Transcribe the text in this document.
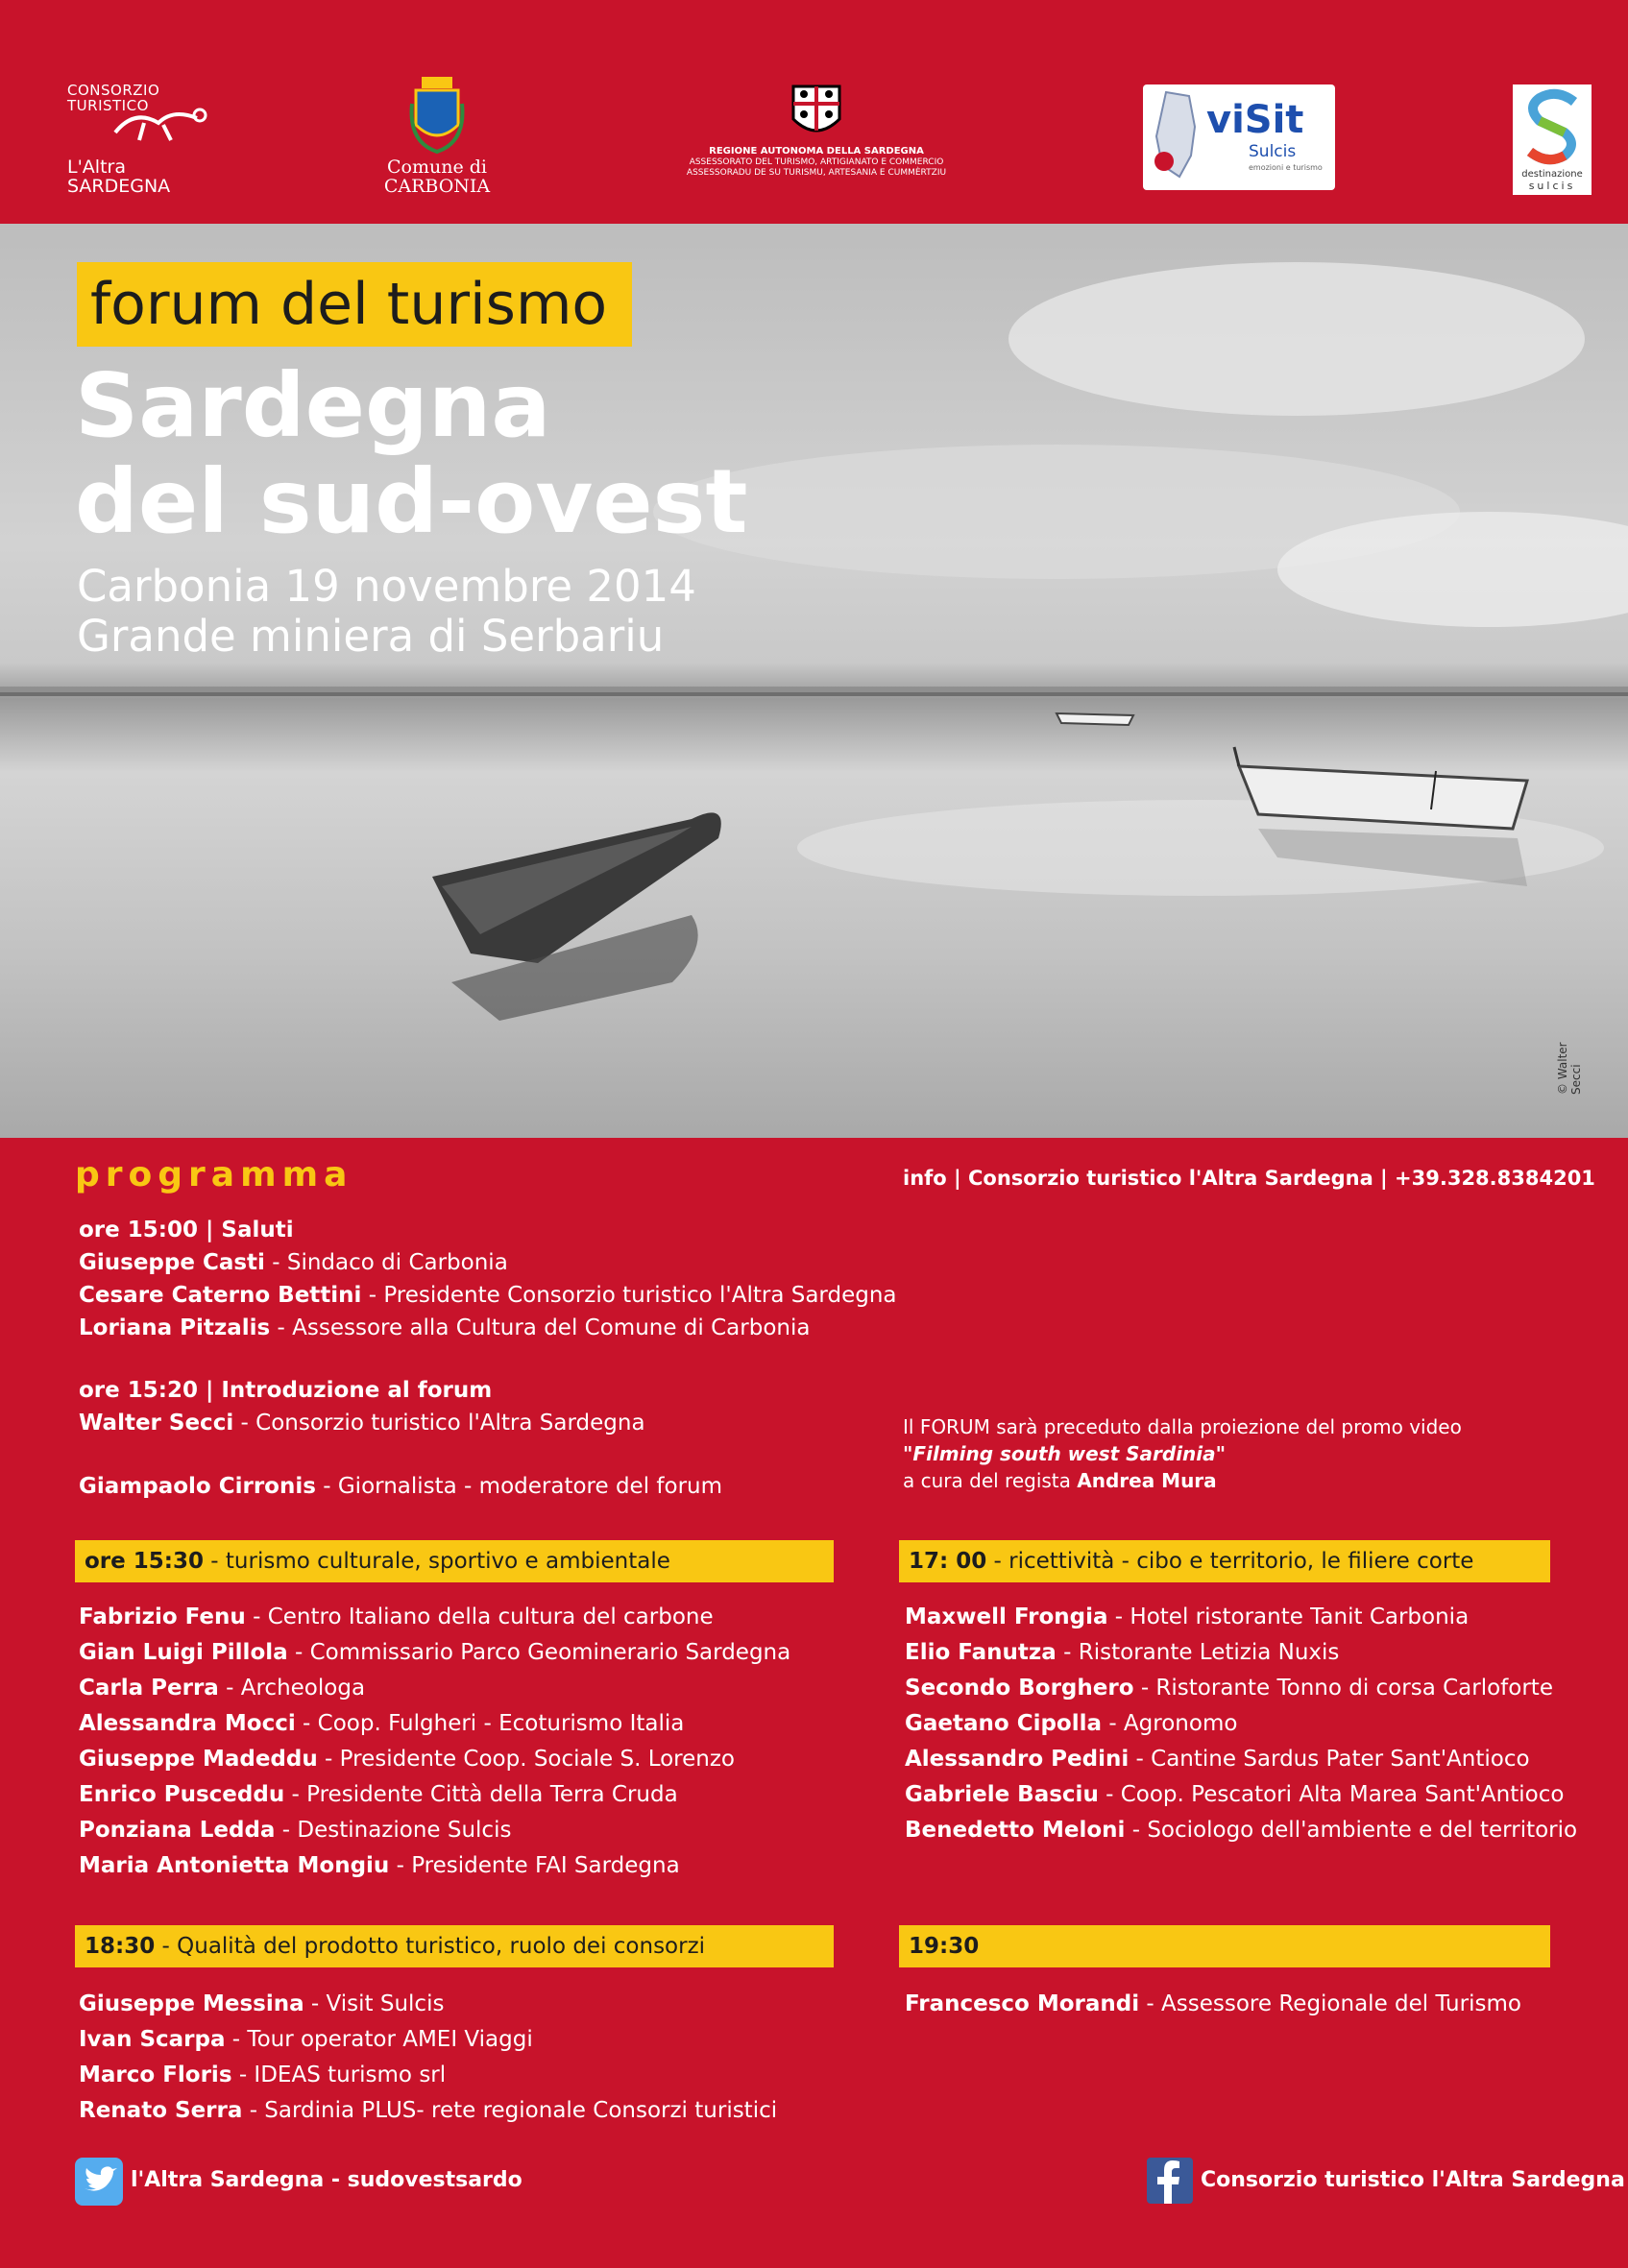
CONSORZIO
TURISTICO
L'Altra
SARDEGNA
Comune di
CARBONIA
REGIONE AUTONOMA DELLA SARDEGNA
ASSESSORATO DEL TURISMO, ARTIGIANATO E COMMERCIO
ASSESSORADU DE SU TURISMU, ARTESANIA E CUMMÈRTZIU
viSit
Sulcis
emozioni e turismo
destinazione
sulcis
forum del turismo
Sardegna
del sud-ovest
Carbonia 19 novembre 2014
Grande miniera di Serbariu
© Walter Secci
programma	info | Consorzio turistico l'Altra Sardegna | +39.328.8384201
ore 15:00 | Saluti
Giuseppe Casti - Sindaco di Carbonia
Cesare Caterno Bettini - Presidente Consorzio turistico l'Altra Sardegna
Loriana Pitzalis - Assessore alla Cultura del Comune di Carbonia
ore 15:20 | Introduzione al forum
Walter Secci - Consorzio turistico l'Altra Sardegna
Giampaolo Cirronis - Giornalista - moderatore del forum
Il FORUM sarà preceduto dalla proiezione del promo video
"Filming south west Sardinia"
a cura del regista Andrea Mura
ore 15:30 - turismo culturale, sportivo e ambientale
Fabrizio Fenu - Centro Italiano della cultura del carbone
Gian Luigi Pillola - Commissario Parco Geominerario Sardegna
Carla Perra - Archeologa
Alessandra Mocci - Coop. Fulgheri - Ecoturismo Italia
Giuseppe Madeddu - Presidente Coop. Sociale S. Lorenzo
Enrico Pusceddu - Presidente Città della Terra Cruda
Ponziana Ledda - Destinazione Sulcis
Maria Antonietta Mongiu - Presidente FAI Sardegna
17: 00 - ricettività - cibo e territorio, le filiere corte
Maxwell Frongia - Hotel ristorante Tanit Carbonia
Elio Fanutza - Ristorante Letizia Nuxis
Secondo Borghero - Ristorante Tonno di corsa Carloforte
Gaetano Cipolla - Agronomo
Alessandro Pedini - Cantine Sardus Pater Sant'Antioco
Gabriele Basciu - Coop. Pescatori Alta Marea Sant'Antioco
Benedetto Meloni - Sociologo dell'ambiente e del territorio
18:30 - Qualità del prodotto turistico, ruolo dei consorzi
Giuseppe Messina - Visit Sulcis
Ivan Scarpa - Tour operator AMEI Viaggi
Marco Floris - IDEAS turismo srl
Renato Serra - Sardinia PLUS- rete regionale Consorzi turistici
19:30
Francesco Morandi - Assessore Regionale del Turismo
l'Altra Sardegna - sudovestsardo	Consorzio turistico l'Altra Sardegna
